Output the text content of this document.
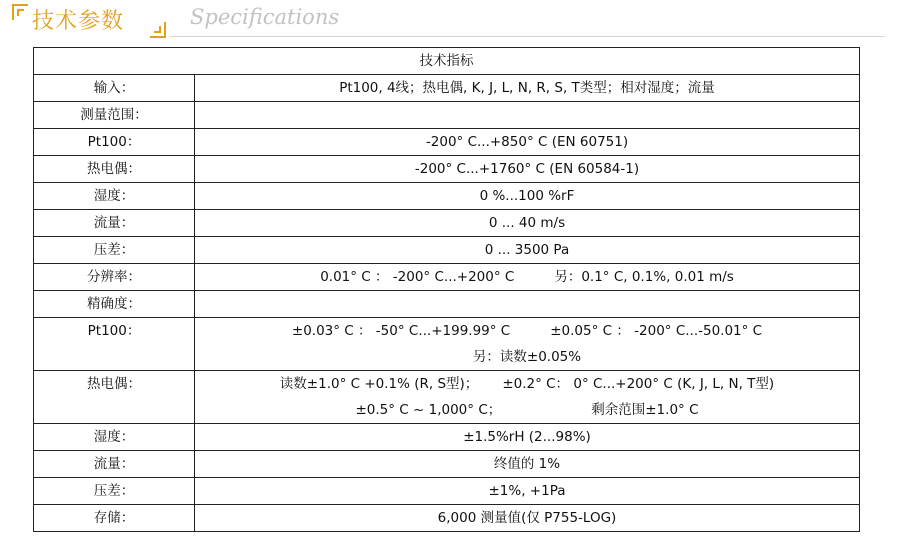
技术参数	Specifications
技术指标	
输入：	Pt100, 4线；热电偶, K, J, L, N, R, S, T类型；相对湿度；流量
测量范围：	
Pt100：	-200° C...+850° C (EN 60751)
热电偶：	-200° C...+1760° C (EN 60584-1)
湿度：	0 %...100 %rF
流量：	0 ... 40 m/s
压差：	0 ... 3500 Pa
分辨率：	0.01° C ： -200° C...+200° C 另：0.1° C, 0.1%, 0.01 m/s
精确度：	
Pt100：	±0.03° C ： -50° C...+199.99° C ±0.05° C ： -200° C...-50.01° C
另：读数±0.05%

热电偶：	读数±1.0° C +0.1% (R, S型)； ±0.2° C： 0° C...+200° C (K, J, L, N, T型)
±0.5° C ~ 1,000° C； 剩余范围±1.0° C

湿度：	±1.5%rH (2...98%)
流量：	终值的 1%
压差：	±1%, +1Pa
存储：	6,000 测量值(仅 P755-LOG)
